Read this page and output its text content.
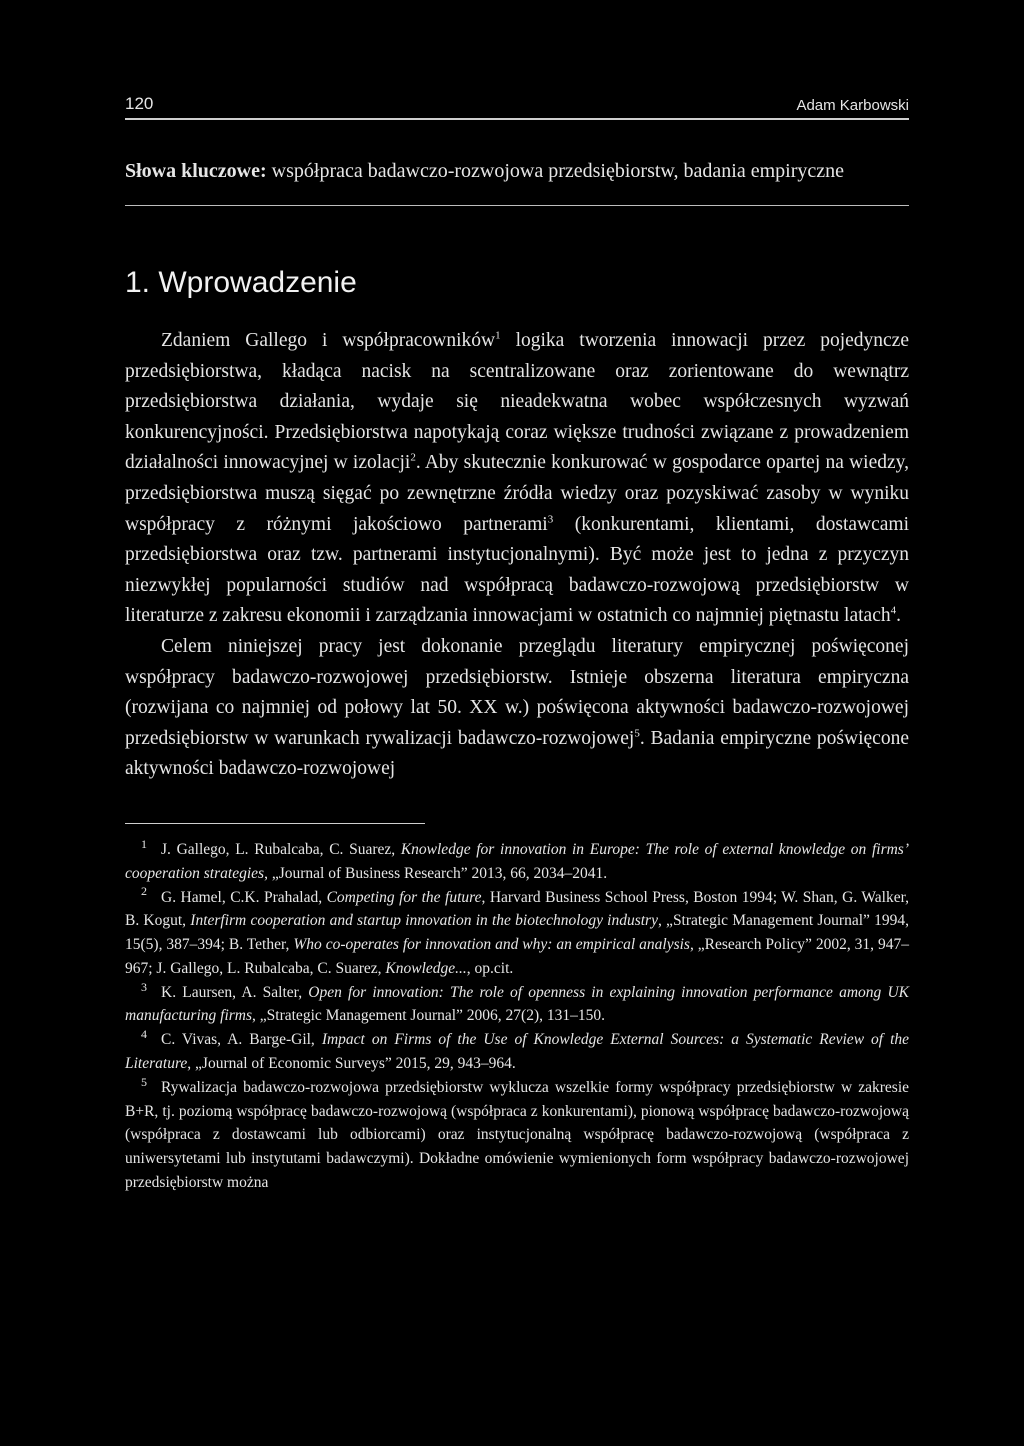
120	Adam Karbowski
Słowa kluczowe: współpraca badawczo-rozwojowa przedsiębiorstw, badania empiryczne
1. Wprowadzenie

Zdaniem Gallego i współpracowników$^1$ logika tworzenia innowacji przez pojedyncze przedsiębiorstwa, kładąca nacisk na scentralizowane oraz zorientowane do wewnątrz przedsiębiorstwa działania, wydaje się nieadekwatna wobec współczesnych wyzwań konkurencyjności. Przedsiębiorstwa napotykają coraz większe trudności związane z prowadzeniem działalności innowacyjnej w izolacji$^2$. Aby skutecznie konkurować w gospodarce opartej na wiedzy, przedsiębiorstwa muszą sięgać po zewnętrzne źródła wiedzy oraz pozyskiwać zasoby w wyniku współpracy z różnymi jakościowo partnerami$^3$ (konkurentami, klientami, dostawcami przedsiębiorstwa oraz tzw. partnerami instytucjonalnymi). Być może jest to jedna z przyczyn niezwykłej popularności studiów nad współpracą badawczo-rozwojową przedsiębiorstw w literaturze z zakresu ekonomii i zarządzania innowacjami w ostatnich co najmniej piętnastu latach$^4$.

Celem niniejszej pracy jest dokonanie przeglądu literatury empirycznej poświęconej współpracy badawczo-rozwojowej przedsiębiorstw. Istnieje obszerna literatura empiryczna (rozwijana co najmniej od połowy lat 50. XX w.) poświęcona aktywności badawczo-rozwojowej przedsiębiorstw w warunkach rywalizacji badawczo-rozwojowej$^5$. Badania empiryczne poświęcone aktywności badawczo-rozwojowej

1 J. Gallego, L. Rubalcaba, C. Suarez, Knowledge for innovation in Europe: The role of external knowledge on firms’ cooperation strategies, „Journal of Business Research” 2013, 66, 2034–2041.

2 G. Hamel, C.K. Prahalad, Competing for the future, Harvard Business School Press, Boston 1994; W. Shan, G. Walker, B. Kogut, Interfirm cooperation and startup innovation in the biotechnology industry, „Strategic Management Journal” 1994, 15(5), 387–394; B. Tether, Who co-operates for innovation and why: an empirical analysis, „Research Policy” 2002, 31, 947–967; J. Gallego, L. Rubalcaba, C. Suarez, Knowledge..., op.cit.

3 K. Laursen, A. Salter, Open for innovation: The role of openness in explaining innovation performance among UK manufacturing firms, „Strategic Management Journal” 2006, 27(2), 131–150.

4 C. Vivas, A. Barge-Gil, Impact on Firms of the Use of Knowledge External Sources: a Systematic Review of the Literature, „Journal of Economic Surveys” 2015, 29, 943–964.

5 Rywalizacja badawczo-rozwojowa przedsiębiorstw wyklucza wszelkie formy współpracy przedsiębiorstw w zakresie B+R, tj. poziomą współpracę badawczo-rozwojową (współpraca z konkurentami), pionową współpracę badawczo-rozwojową (współpraca z dostawcami lub odbiorcami) oraz instytucjonalną współpracę badawczo-rozwojową (współpraca z uniwersytetami lub instytutami badawczymi). Dokładne omówienie wymienionych form współpracy badawczo-rozwojowej przedsiębiorstw można
